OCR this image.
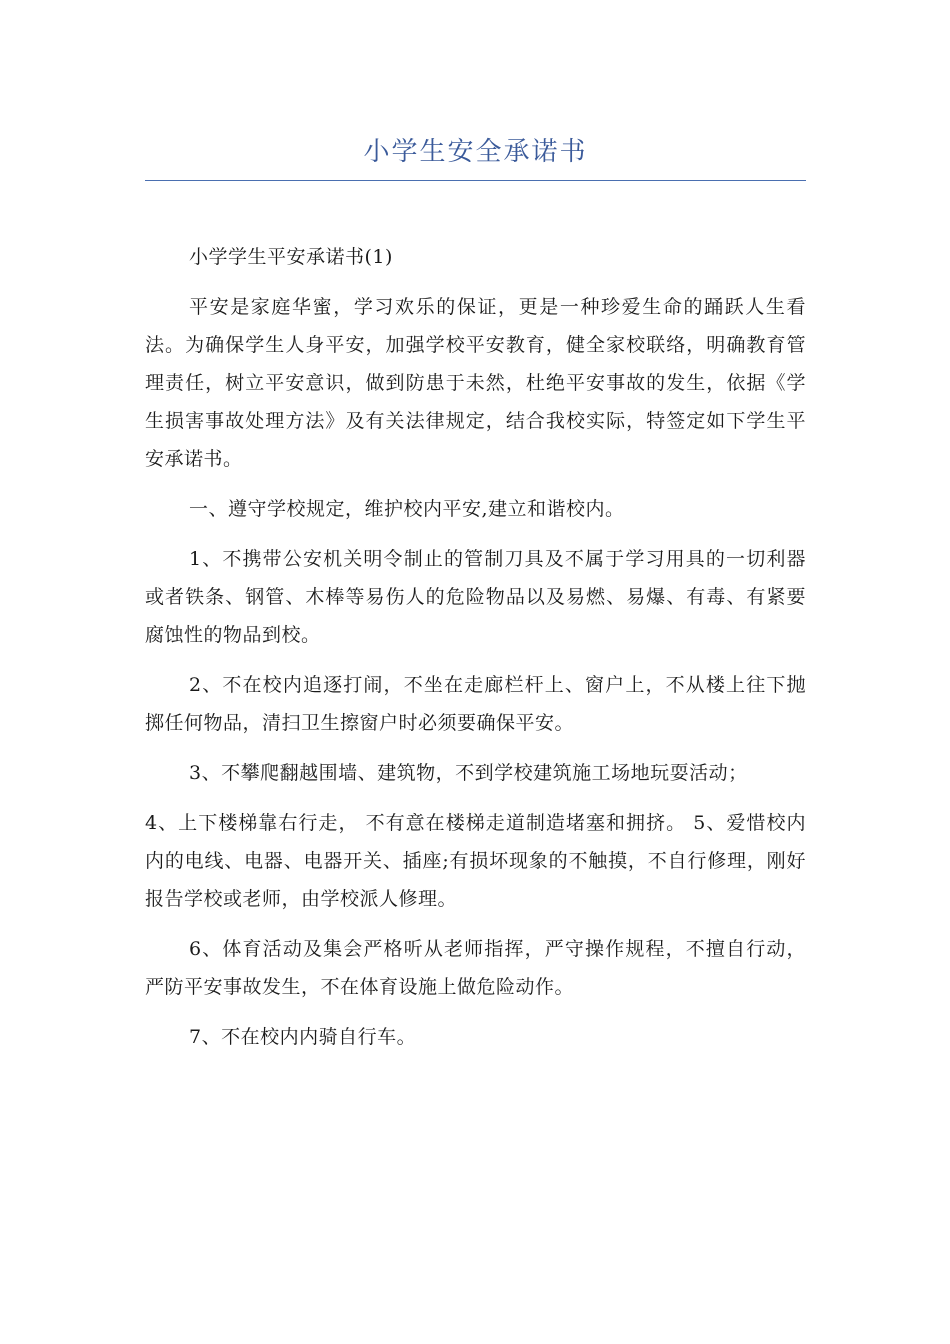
小学生安全承诺书

小学学生平安承诺书(1)

平安是家庭华蜜，学习欢乐的保证，更是一种珍爱生命的踊跃人生看法。为确保学生人身平安，加强学校平安教育，健全家校联络，明确教育管理责任，树立平安意识，做到防患于未然，杜绝平安事故的发生，依据《学生损害事故处理方法》及有关法律规定，结合我校实际，特签定如下学生平安承诺书。

一、遵守学校规定，维护校内平安,建立和谐校内。

1、不携带公安机关明令制止的管制刀具及不属于学习用具的一切利器或者铁条、钢管、木棒等易伤人的危险物品以及易燃、易爆、有毒、有紧要腐蚀性的物品到校。

2、不在校内追逐打闹，不坐在走廊栏杆上、窗户上，不从楼上往下抛掷任何物品，清扫卫生擦窗户时必须要确保平安。

3、不攀爬翻越围墙、建筑物，不到学校建筑施工场地玩耍活动；

4、上下楼梯靠右行走， 不有意在楼梯走道制造堵塞和拥挤。 5、爱惜校内内的电线、电器、电器开关、插座;有损坏现象的不触摸，不自行修理，刚好报告学校或老师，由学校派人修理。

6、体育活动及集会严格听从老师指挥，严守操作规程，不擅自行动，严防平安事故发生，不在体育设施上做危险动作。

7、不在校内内骑自行车。
